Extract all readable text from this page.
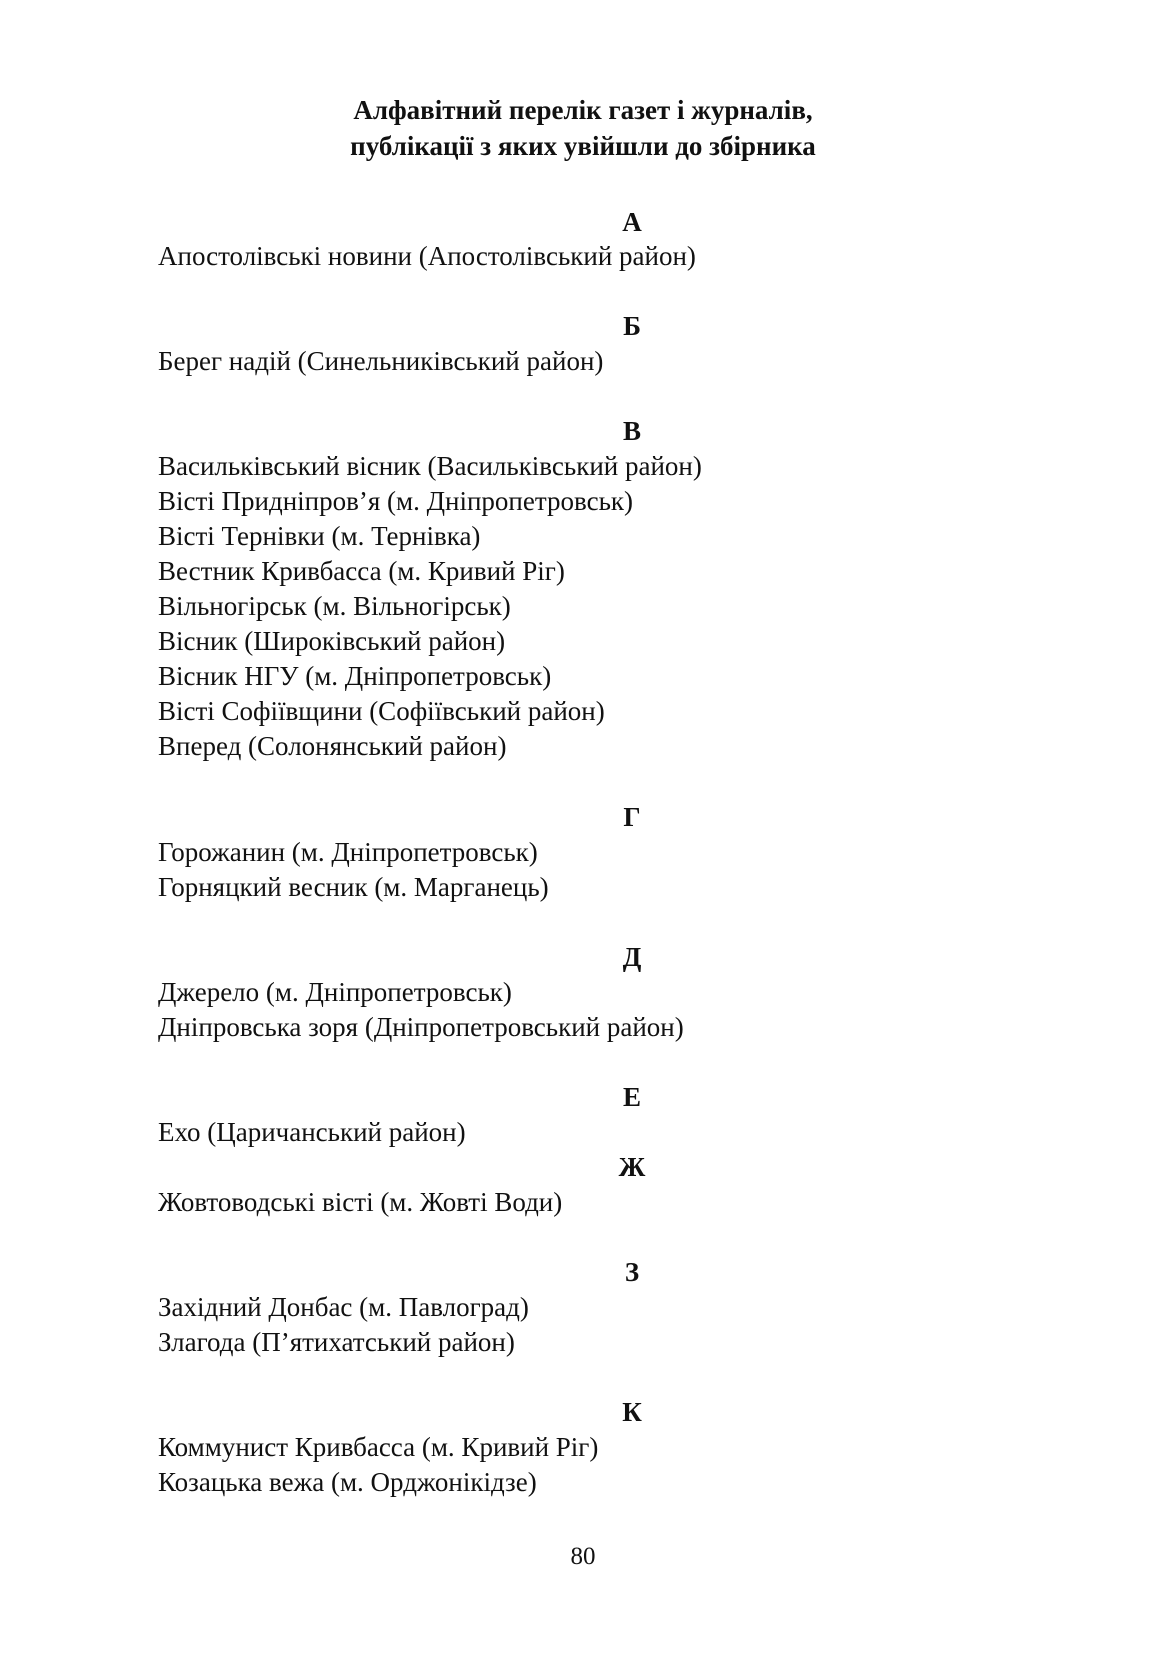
Алфавітний перелік газет і журналів,
публікації з яких увійшли до збірника
А
Апостолівські новини (Апостолівський район)
Б
Берег надій (Синельниківський район)
В
Васильківський вісник (Васильківський район)
Вісті Придніпров’я (м. Дніпропетровськ)
Вісті Тернівки (м. Тернівка)
Вестник Кривбасса (м. Кривий Ріг)
Вільногірськ (м. Вільногірськ)
Вісник (Широківський район)
Вісник НГУ (м. Дніпропетровськ)
Вісті Софіївщини (Софіївський район)
Вперед (Солонянський район)
Г
Горожанин (м. Дніпропетровськ)
Горняцкий весник (м. Марганець)
Д
Джерело (м. Дніпропетровськ)
Дніпровська зоря (Дніпропетровський район)
Е
Ехо (Царичанський район)
Ж
Жовтоводські вісті (м. Жовті Води)
З
Західний Донбас (м. Павлоград)
Злагода (П’ятихатський район)
К
Коммунист Кривбасса (м. Кривий Ріг)
Козацька вежа (м. Орджонікідзе)
80
